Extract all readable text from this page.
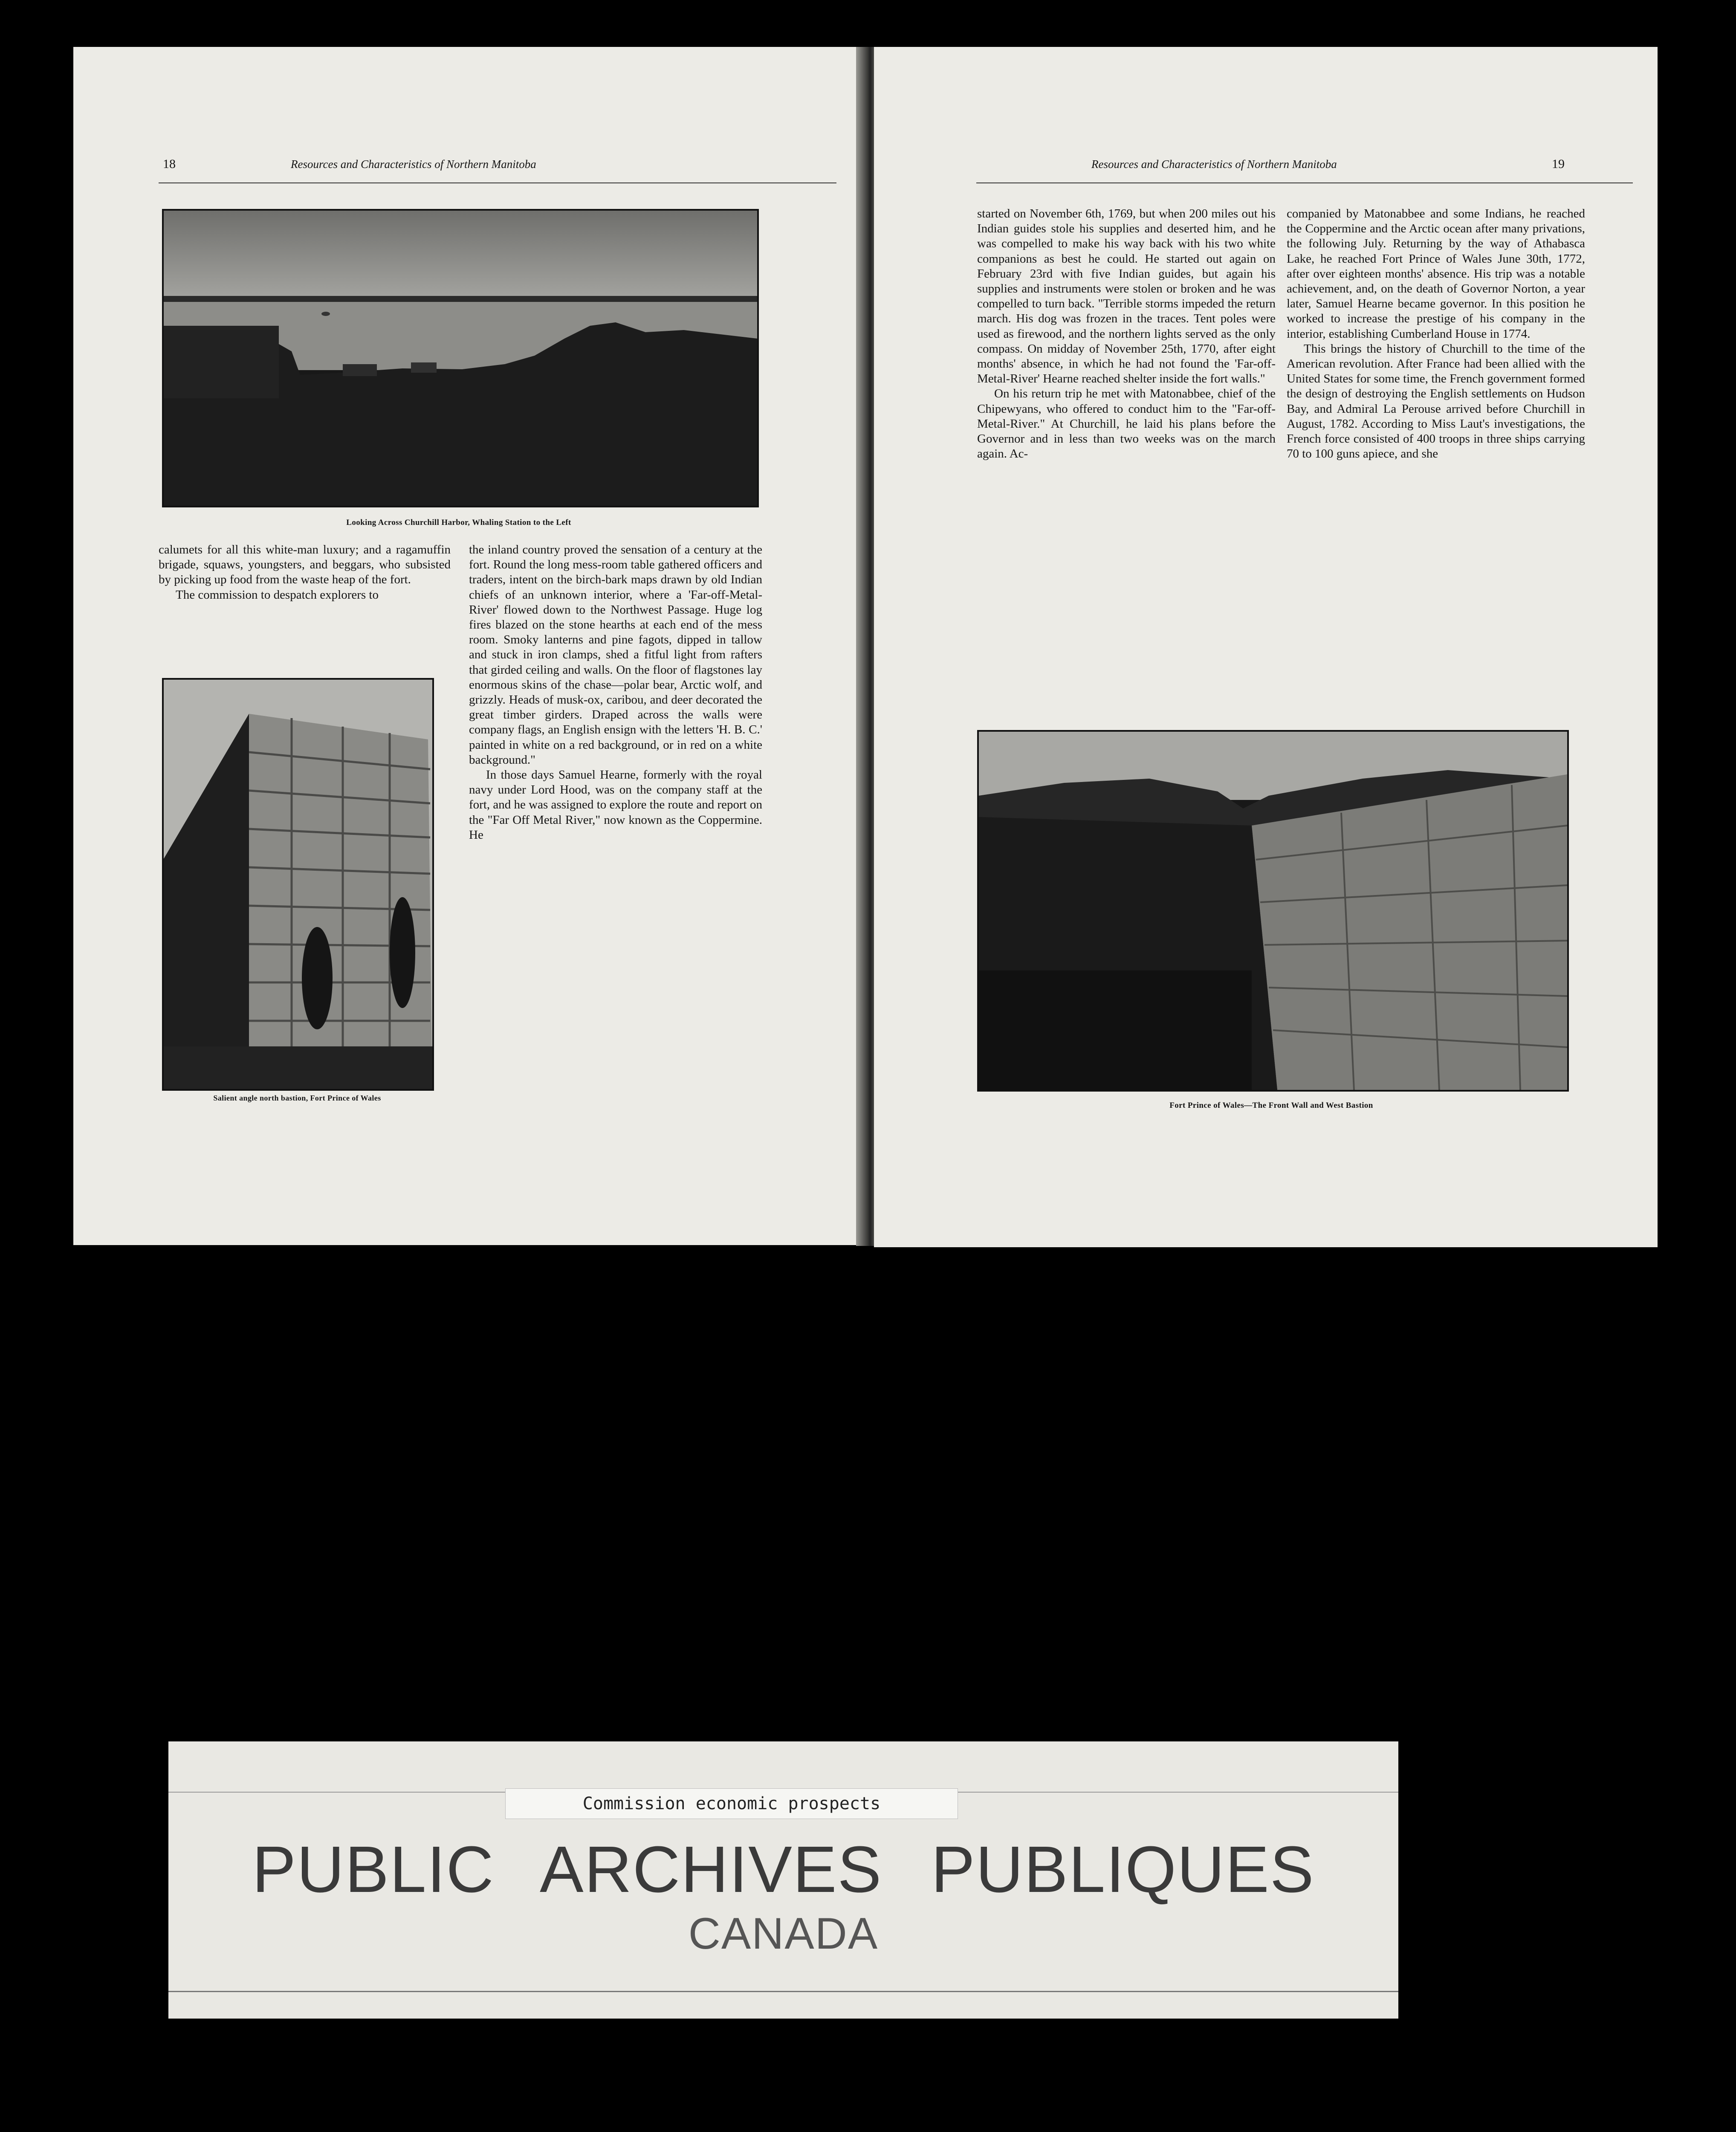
18	Resources and Characteristics of Northern Manitoba
Looking Across Churchill Harbor, Whaling Station to the Left

calumets for all this white-man luxury; and a ragamuffin brigade, squaws, youngsters, and beggars, who subsisted by picking up food from the waste heap of the fort.

The commission to despatch explorers to

Salient angle north bastion, Fort Prince of Wales

the inland country proved the sensation of a century at the fort. Round the long mess-room table gathered officers and traders, intent on the birch-bark maps drawn by old Indian chiefs of an unknown interior, where a 'Far-off-Metal-River' flowed down to the Northwest Passage. Huge log fires blazed on the stone hearths at each end of the mess room. Smoky lanterns and pine fagots, dipped in tallow and stuck in iron clamps, shed a fitful light from rafters that girded ceiling and walls. On the floor of flagstones lay enormous skins of the chase—polar bear, Arctic wolf, and grizzly. Heads of musk-ox, caribou, and deer decorated the great timber girders. Draped across the walls were company flags, an English ensign with the letters 'H. B. C.' painted in white on a red background, or in red on a white background."

In those days Samuel Hearne, formerly with the royal navy under Lord Hood, was on the company staff at the fort, and he was assigned to explore the route and report on the "Far Off Metal River," now known as the Coppermine. He

Resources and Characteristics of Northern Manitoba	19

started on November 6th, 1769, but when 200 miles out his Indian guides stole his supplies and deserted him, and he was compelled to make his way back with his two white companions as best he could. He started out again on February 23rd with five Indian guides, but again his supplies and instruments were stolen or broken and he was compelled to turn back. "Terrible storms impeded the return march. His dog was frozen in the traces. Tent poles were used as firewood, and the northern lights served as the only compass. On midday of November 25th, 1770, after eight months' absence, in which he had not found the 'Far-off-Metal-River' Hearne reached shelter inside the fort walls."

On his return trip he met with Matonabbee, chief of the Chipewyans, who offered to conduct him to the "Far-off-Metal-River." At Churchill, he laid his plans before the Governor and in less than two weeks was on the march again. Ac-

companied by Matonabbee and some Indians, he reached the Coppermine and the Arctic ocean after many privations, the following July. Returning by the way of Athabasca Lake, he reached Fort Prince of Wales June 30th, 1772, after over eighteen months' absence. His trip was a notable achievement, and, on the death of Governor Norton, a year later, Samuel Hearne became governor. In this position he worked to increase the prestige of his company in the interior, establishing Cumberland House in 1774.

This brings the history of Churchill to the time of the American revolution. After France had been allied with the United States for some time, the French government formed the design of destroying the English settlements on Hudson Bay, and Admiral La Perouse arrived before Churchill in August, 1782. According to Miss Laut's investigations, the French force consisted of 400 troops in three ships carrying 70 to 100 guns apiece, and she

Fort Prince of Wales—The Front Wall and West Bastion
Commission economic prospects
PUBLIC ARCHIVES PUBLIQUES
CANADA
